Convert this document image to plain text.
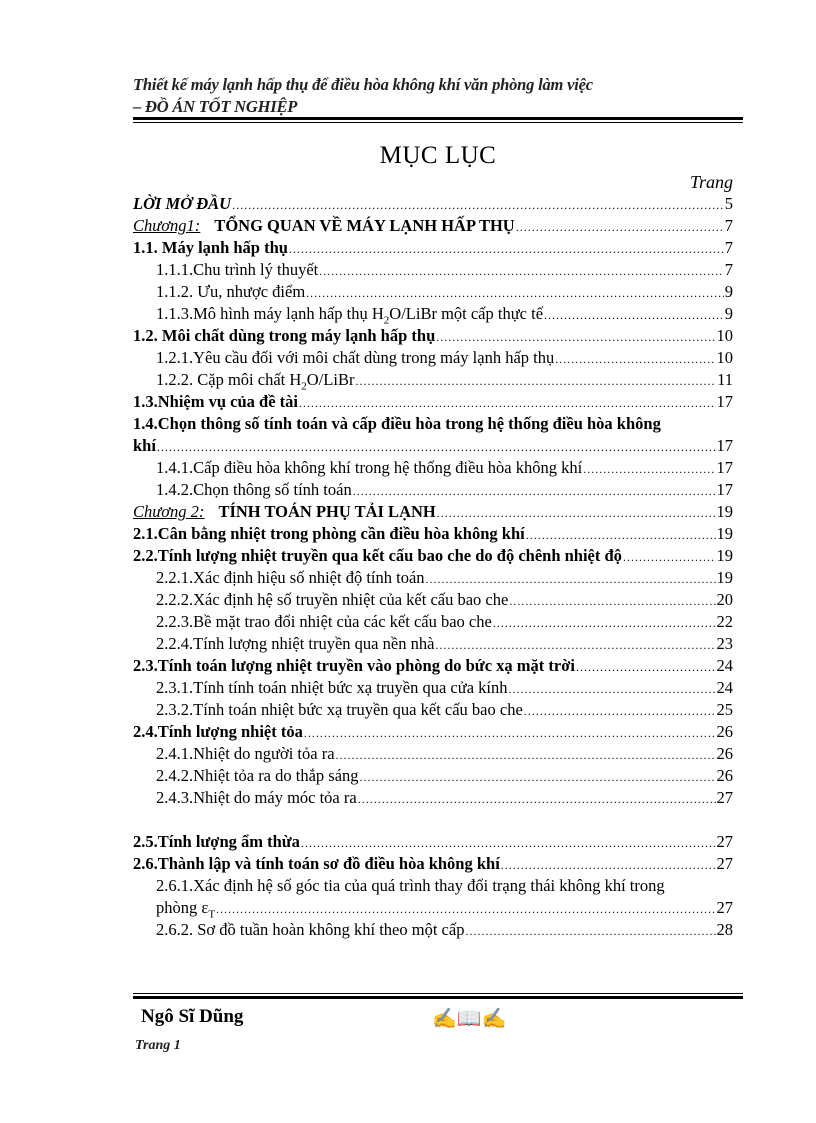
Thiết kế máy lạnh hấp thụ để điều hòa không khí văn phòng làm việc – ĐỒ ÁN TỐT NGHIỆP
MỤC LỤC
Trang
LỜI MỞ ĐẦU .....	5
Chương1: TỔNG QUAN VỀ MÁY LẠNH HẤP THỤ .....	7
1.1. Máy lạnh hấp thụ .....	7
1.1.1.Chu trình lý thuyết .....	7
1.1.2. Ưu, nhược điểm .....	9
1.1.3.Mô hình máy lạnh hấp thụ $H_2O$/LiBr một cấp thực tế .....	9
1.2. Môi chất dùng trong máy lạnh hấp thụ .....	10
1.2.1.Yêu cầu đối với môi chất dùng trong máy lạnh hấp thụ .....	10
1.2.2. Cặp môi chất $H_2O$/LiBr .....	11
1.3.Nhiệm vụ của đề tài .....	17
1.4.Chọn thông số tính toán và cấp điều hòa trong hệ thống điều hòa không
khí .....	17
1.4.1.Cấp điều hòa không khí trong hệ thống điều hòa không khí .....	17
1.4.2.Chọn thông số tính toán .....	17
Chương 2: TÍNH TOÁN PHỤ TẢI LẠNH .....	19
2.1.Cân bằng nhiệt trong phòng cần điều hòa không khí .....	19
2.2.Tính lượng nhiệt truyền qua kết cấu bao che do độ chênh nhiệt độ .....	19
2.2.1.Xác định hiệu số nhiệt độ tính toán .....	19
2.2.2.Xác định hệ số truyền nhiệt của kết cấu bao che .....	20
2.2.3.Bề mặt trao đổi nhiệt của các kết cấu bao che .....	22
2.2.4.Tính lượng nhiệt truyền qua nền nhà .....	23
2.3.Tính toán lượng nhiệt truyền vào phòng do bức xạ mặt trời .....	24
2.3.1.Tính tính toán nhiệt bức xạ truyền qua cửa kính .....	24
2.3.2.Tính toán nhiệt bức xạ truyền qua kết cấu bao che .....	25
2.4.Tính lượng nhiệt tỏa .....	26
2.4.1.Nhiệt do người tỏa ra .....	26
2.4.2.Nhiệt tỏa ra do thắp sáng .....	26
2.4.3.Nhiệt do máy móc tỏa ra .....	27
2.5.Tính lượng ẩm thừa .....	27
2.6.Thành lập và tính toán sơ đồ điều hòa không khí .....	27
2.6.1.Xác định hệ số góc tia của quá trình thay đổi trạng thái không khí trong
phòng $\varepsilon_T$ .....	27
2.6.2. Sơ đồ tuần hoàn không khí theo một cấp .....	28
Ngô Sĩ Dũng	✍📖✍
Trang 1
